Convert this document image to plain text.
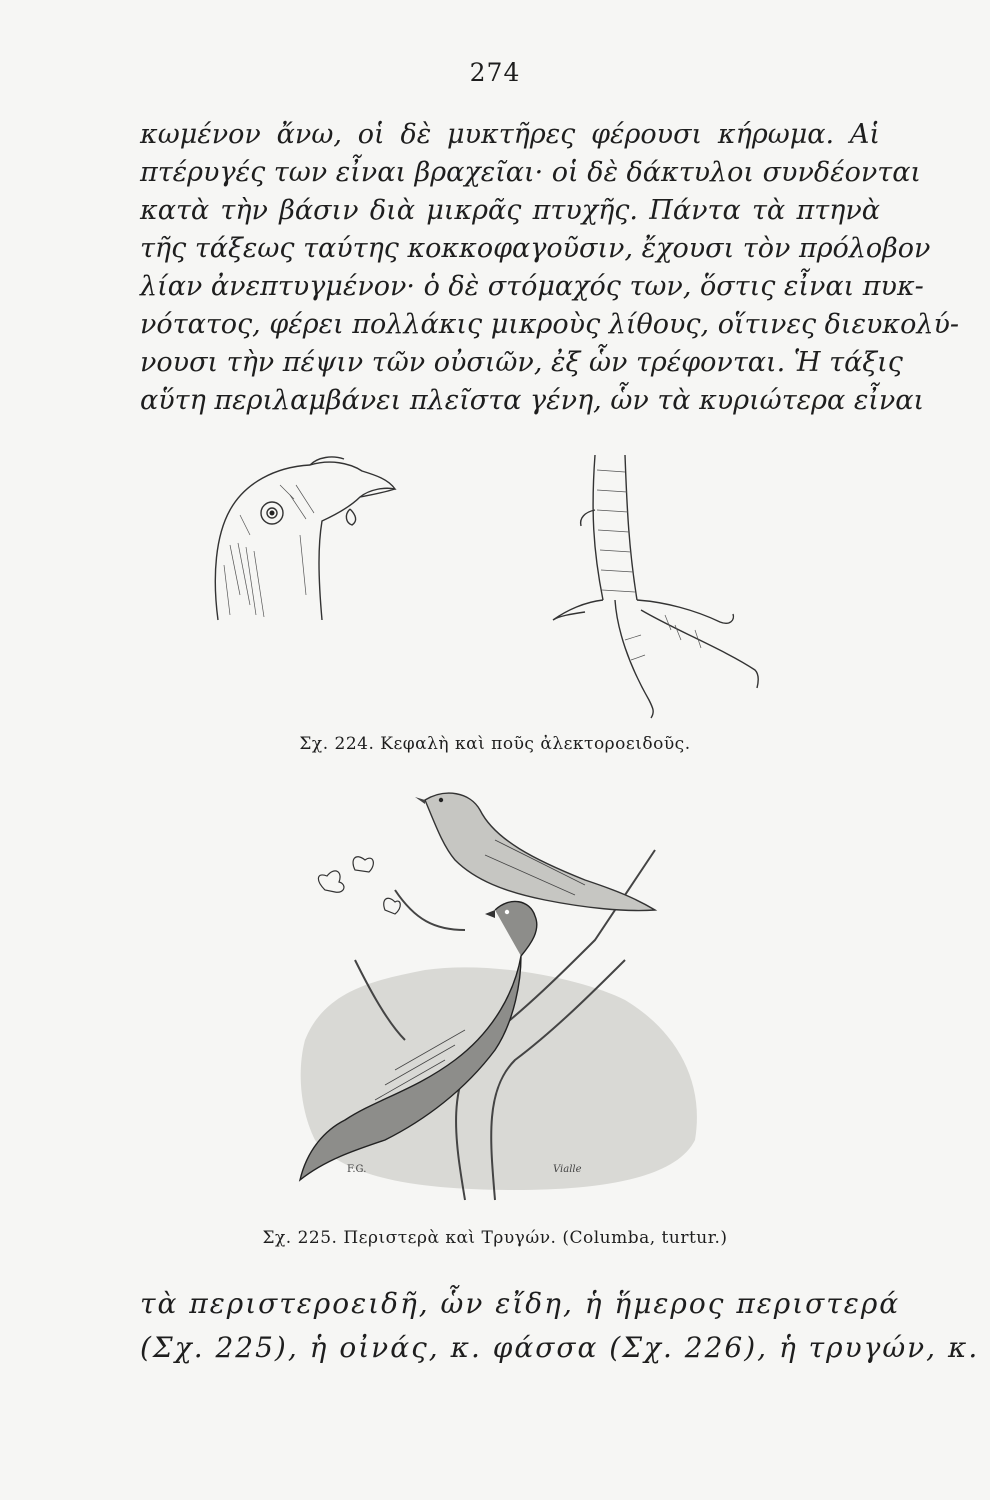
274
κωμένον ἄνω, οἱ δὲ μυκτῆρες φέρουσι κήρωμα. Αἱ
πτέρυγές των εἶναι βραχεῖαι· οἱ δὲ δάκτυλοι συνδέονται
κατὰ τὴν βάσιν διὰ μικρᾶς πτυχῆς. Πάντα τὰ πτηνὰ
τῆς τάξεως ταύτης κοκκοφαγοῦσιν, ἔχουσι τὸν πρόλοβον
λίαν ἀνεπτυγμένον· ὁ δὲ στόμαχός των, ὅστις εἶναι πυκ-
νότατος, φέρει πολλάκις μικροὺς λίθους, οἵτινες διευκολύ-
νουσι τὴν πέψιν τῶν οὐσιῶν, ἐξ ὧν τρέφονται. Ἡ τάξις
αὕτη περιλαμβάνει πλεῖστα γένη, ὧν τὰ κυριώτερα εἶναι
Σχ. 224. Κεφαλὴ καὶ ποῦς ἀλεκτοροειδοῦς.
F.G.	Vialle
Σχ. 225. Περιστερὰ καὶ Τρυγών. (Columba, turtur.)
τὰ περιστεροειδῆ, ὧν εἴδη, ἡ ἥμερος περιστερά
(Σχ. 225), ἡ οἰνάς, κ. φάσσα (Σχ. 226), ἡ τρυγών, κ.
